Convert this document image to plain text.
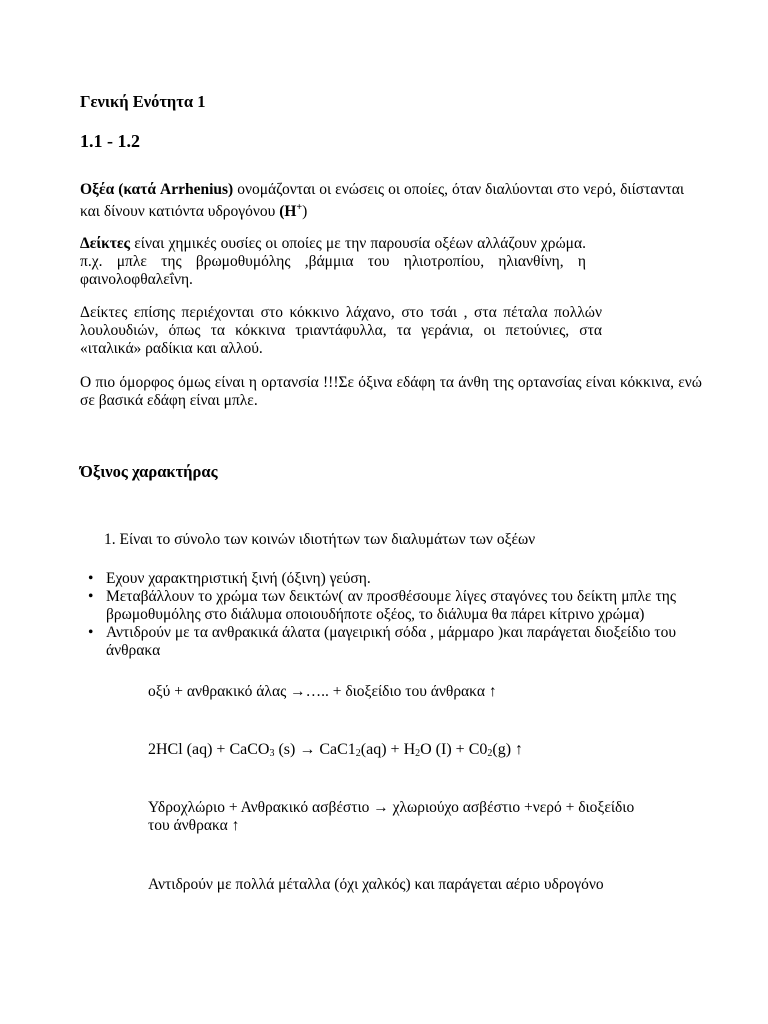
Γενική Ενότητα 1
1.1 - 1.2

Οξέα (κατά Arrhenius) ονομάζονται οι ενώσεις οι οποίες, όταν διαλύονται στο νερό, διίστανται και δίνουν κατιόντα υδρογόνου (H+)

Δείκτες είναι χημικές ουσίες οι οποίες με την παρουσία οξέων αλλάζουν χρώμα. π.χ. μπλε της βρωμοθυμόλης ,βάμμια του ηλιοτροπίου, ηλιανθίνη, η φαινολοφθαλεΐνη.

Δείκτες επίσης περιέχονται στο κόκκινο λάχανο, στο τσάι , στα πέταλα πολλών λουλουδιών, όπως τα κόκκινα τριαντάφυλλα, τα γεράνια, οι πετούνιες, στα «ιταλικά» ραδίκια και αλλού.

Ο πιο όμορφος όμως είναι η ορτανσία !!!Σε όξινα εδάφη τα άνθη της ορτανσίας είναι κόκκινα, ενώ σε βασικά εδάφη είναι μπλε.

Όξινος χαρακτήρας

1. Είναι το σύνολο των κοινών ιδιοτήτων των διαλυμάτων των οξέων

• Εχουν χαρακτηριστική ξινή (όξινη) γεύση.
• Μεταβάλλουν το χρώμα των δεικτών( αν προσθέσουμε λίγες σταγόνες του δείκτη μπλε της βρωμοθυμόλης στο διάλυμα οποιουδήποτε οξέος, το διάλυμα θα πάρει κίτρινο χρώμα)
• Αντιδρούν με τα ανθρακικά άλατα (μαγειρική σόδα , μάρμαρο )και παράγεται διοξείδιο του άνθρακα

οξύ + ανθρακικό άλας →….. + διοξείδιο του άνθρακα ↑

2HCl (aq) + CaCO$_3$ $(s) \to CaC1_2(aq) + H_2O$ $(I) + C0_2(g)$ ↑

Υδροχλώριο + Ανθρακικό ασβέστιο → χλωριούχο ασβέστιο +νερό + διοξείδιο του άνθρακα ↑

Αντιδρούν με πολλά μέταλλα (όχι χαλκός) και παράγεται αέριο υδρογόνο
